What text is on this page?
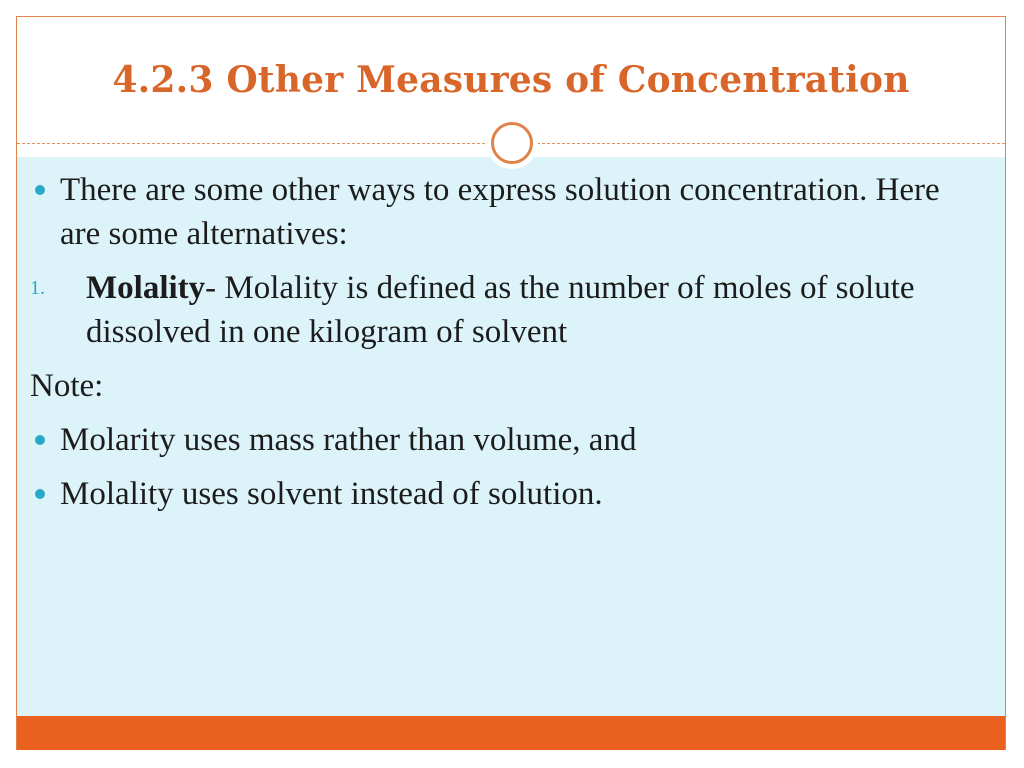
4.2.3 Other Measures of Concentration

There are some other ways to express solution concentration. Here are some alternatives:

1. Molality- Molality is defined as the number of moles of solute dissolved in one kilogram of solvent

Note:

Molarity uses mass rather than volume, and

Molality uses solvent instead of solution.
